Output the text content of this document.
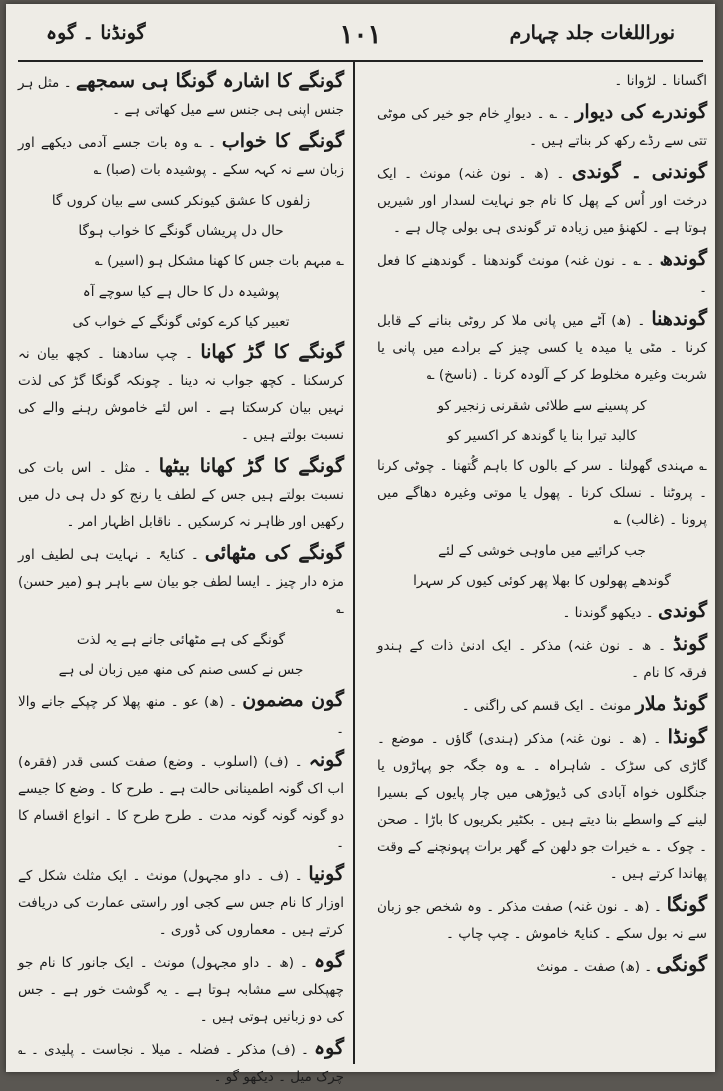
نوراللغات جلد چہارم
۱۰۱
گونڈنا ۔ گوہ
اگسانا ۔ لڑوانا ۔
گوندرے کی دیوار ۔ ؎ ۔ دیوارِ خام جو خیر کی موٹی تتی سے رڈے رکھ کر بناتے ہیں ۔
گوندنی ۔ گوندی ۔ (ھ ۔ نون غنہ) مونث ۔ ایک درخت اور اُس کے پھل کا نام جو نہایت لسدار اور شیریں ہوتا ہے ۔ لکھنؤ میں زیادہ تر گوندی ہی بولی چال ہے ۔
گوندھ ۔ ؎ ۔ نون غنہ) مونث گوندھنا ۔ گوندھنے کا فعل ۔
گوندھنا ۔ (ھ) آٹے میں پانی ملا کر روٹی بنانے کے قابل کرنا ۔ مٹی یا میدہ یا کسی چیز کے برادے میں پانی یا شربت وغیرہ مخلوط کر کے آلودہ کرنا ۔ (ناسخ) ؎
کر پسینے سے طلائی شقرنی زنجیر کو
کالبد تیرا بنا یا گوندھ کر اکسیر کو
؎ مہندی گھولنا ۔ سر کے بالوں کا باہم گُتھنا ۔ چوٹی کرنا ۔ پروٹنا ۔ نسلک کرنا ۔ پھول یا موتی وغیرہ دھاگے میں پرونا ۔ (غالب) ؎
جب کرائیے میں ماوہی خوشی کے لئے
گوندھے پھولوں کا بھلا پھر کوئی کیوں کر سہرا
گوندی ۔ دیکھو گوندنا ۔
گونڈ ۔ ھ ۔ نون غنہ) مذکر ۔ ایک ادنیٰ ذات کے ہندو فرقہ کا نام ۔
گونڈ ملار مونث ۔ ایک قسم کی راگنی ۔
گونڈا ۔ (ھ ۔ نون غنہ) مذکر (ہندی) گاؤں ۔ موضع ۔ گاڑی کی سڑک ۔ شاہراہ ۔ ؎ وہ جگہ جو پہاڑوں یا جنگلوں خواہ آبادی کی ڈیوڑھی میں چار پایوں کے بسیرا لینے کے واسطے بنا دیتے ہیں ۔ بکٹیر بکریوں کا باڑا ۔ صحن ۔ چوک ۔ ؎ خیرات جو دلھن کے گھر برات پہونچنے کے وقت پھاندا کرتے ہیں ۔
گونگا ۔ (ھ ۔ نون غنہ) صفت مذکر ۔ وہ شخص جو زبان سے نہ بول سکے ۔ کنایۃً خاموش ۔ چپ چاپ ۔
گونگی ۔ (ھ) صفت ۔ مونث
گونگے کا اشارہ گونگا ہی سمجھے ۔ مثل ہر جنس اپنی ہی جنس سے میل کھاتی ہے ۔
گونگے کا خواب ۔ ؎ وہ بات جسے آدمی دیکھے اور زبان سے نہ کہہ سکے ۔ پوشیدہ بات (صبا) ؎
زلفوں کا عشق کیونکر کسی سے بیان کروں گا
حال دل پریشاں گونگے کا خواب ہوگا
؎ مبہم بات جس کا کھنا مشکل ہو (اسیر) ؎
پوشیدہ دل کا حال ہے کیا سوچے آہ
تعبیر کیا کرے کوئی گونگے کے خواب کی
گونگے کا گڑ کھانا ۔ چپ سادھنا ۔ کچھ بیان نہ کرسکنا ۔ کچھ جواب نہ دینا ۔ چونکہ گونگا گڑ کی لذت نہیں بیان کرسکتا ہے ۔ اس لئے خاموش رہنے والے کی نسبت بولتے ہیں ۔
گونگے کا گڑ کھانا بیٹھا ۔ مثل ۔ اس بات کی نسبت بولتے ہیں جس کے لطف یا رنج کو دل ہی دل میں رکھیں اور ظاہر نہ کرسکیں ۔ ناقابل اظہار امر ۔
گونگے کی مٹھائی ۔ کنایۃً ۔ نہایت ہی لطیف اور مزہ دار چیز ۔ ایسا لطف جو بیان سے باہر ہو (میر حسن) ؎
گونگے کی ہے مٹھائی جانے ہے یہ لذت
جس نے کسی صنم کی منھ میں زبان لی ہے
گون مضمون ۔ (ھ) عو ۔ منھ پھلا کر چپکے جانے والا ۔
گونہ ۔ (ف) (اسلوب ۔ وضع) صفت کسی قدر (فقرہ) اب اک گونہ اطمینانی حالت ہے ۔ طرح کا ۔ وضع کا جیسے دو گونہ گونہ گونہ مدت ۔ طرح طرح کا ۔ انواع اقسام کا ۔
گونیا ۔ (ف ۔ داو مجہول) مونث ۔ ایک مثلث شکل کے اوزار کا نام جس سے کجی اور راستی عمارت کی دریافت کرتے ہیں ۔ معماروں کی ڈوری ۔
گوہ ۔ (ھ ۔ داو مجہول) مونث ۔ ایک جانور کا نام جو چھپکلی سے مشابہ ہوتا ہے ۔ یہ گوشت خور ہے ۔ جس کی دو زبانیں ہوتی ہیں ۔
گوہ ۔ (ف) مذکر ۔ فضلہ ۔ میلا ۔ نجاست ۔ پلیدی ۔ ؎ چرک میل ۔ دیکھو گو ۔
